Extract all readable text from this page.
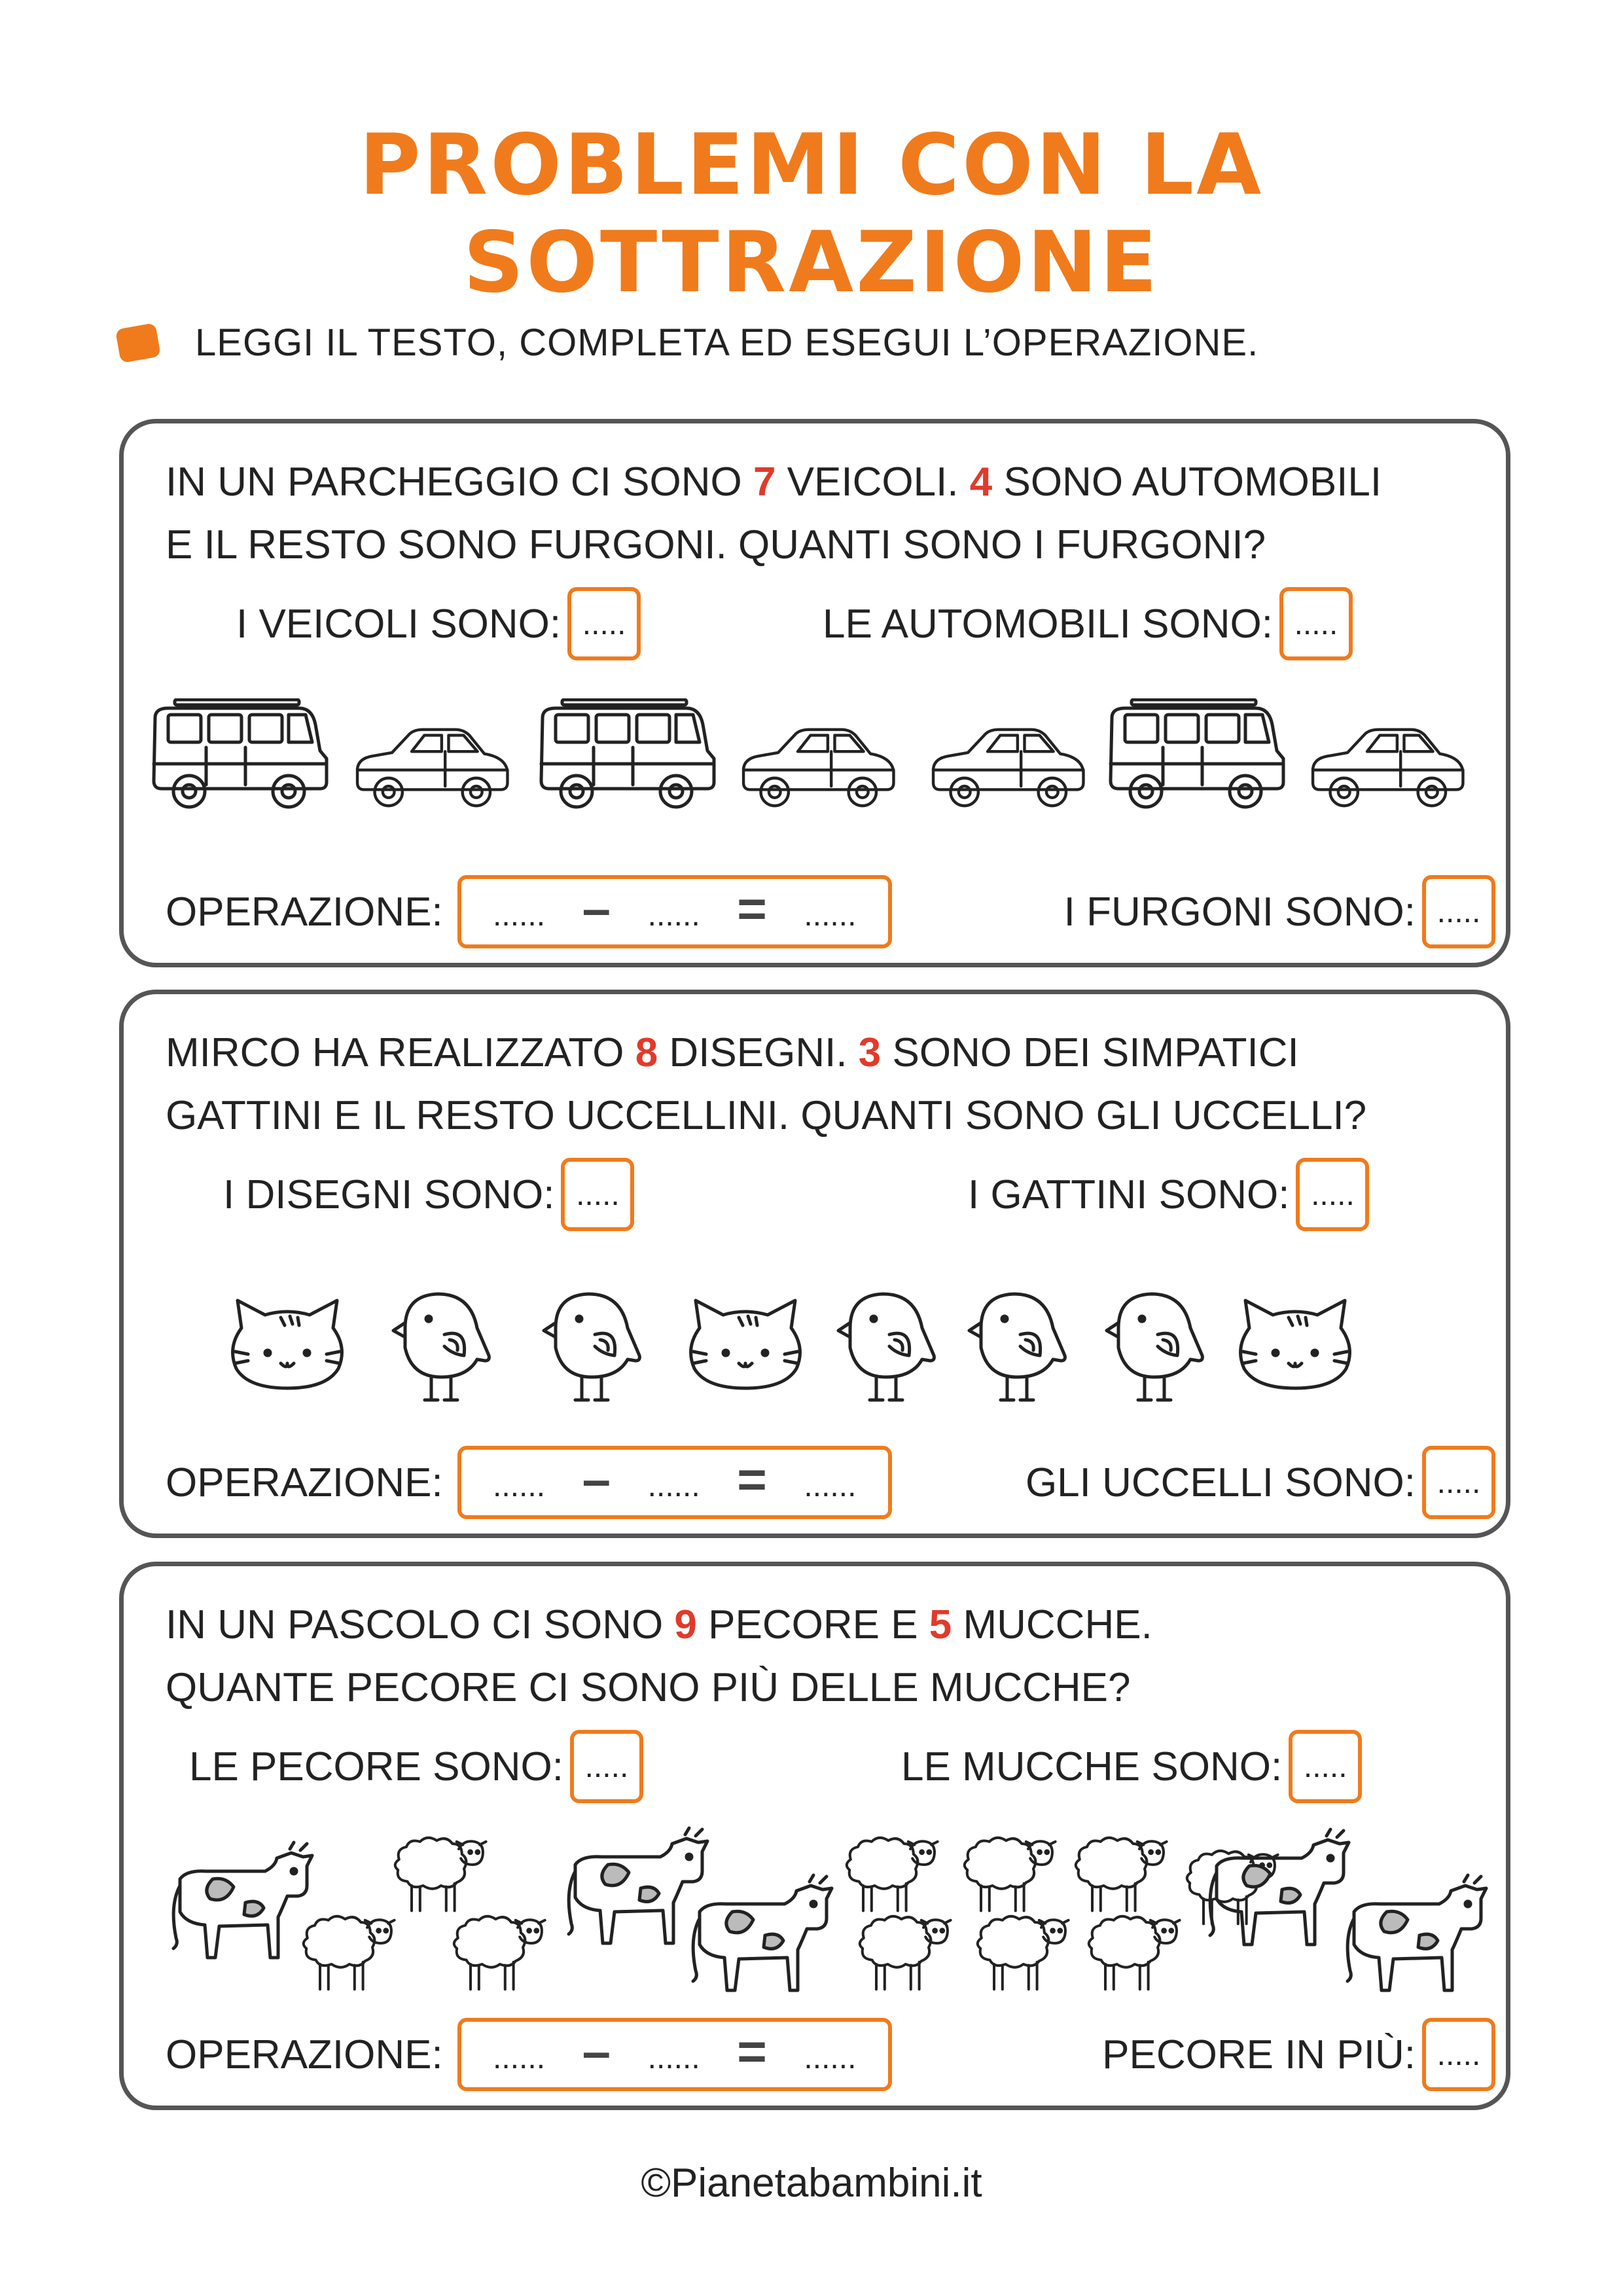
PROBLEMI CON LA SOTTRAZIONE
LEGGI IL TESTO, COMPLETA ED ESEGUI L’OPERAZIONE.
IN UN PARCHEGGIO CI SONO 7 VEICOLI. 4 SONO AUTOMOBILI
E IL RESTO SONO FURGONI. QUANTI SONO I FURGONI?
I VEICOLI SONO: .....	LE AUTOMOBILI SONO: .....
OPERAZIONE: ...... – ...... = ......	I FURGONI SONO: .....
MIRCO HA REALIZZATO 8 DISEGNI. 3 SONO DEI SIMPATICI
GATTINI E IL RESTO UCCELLINI. QUANTI SONO GLI UCCELLI?
I DISEGNI SONO: .....	I GATTINI SONO: .....
OPERAZIONE: ...... – ...... = ......	GLI UCCELLI SONO: .....
IN UN PASCOLO CI SONO 9 PECORE E 5 MUCCHE.
QUANTE PECORE CI SONO PIÙ DELLE MUCCHE?
LE PECORE SONO: .....	LE MUCCHE SONO: .....
OPERAZIONE: ...... – ...... = ......	PECORE IN PIÙ: .....
©Pianetabambini.it
